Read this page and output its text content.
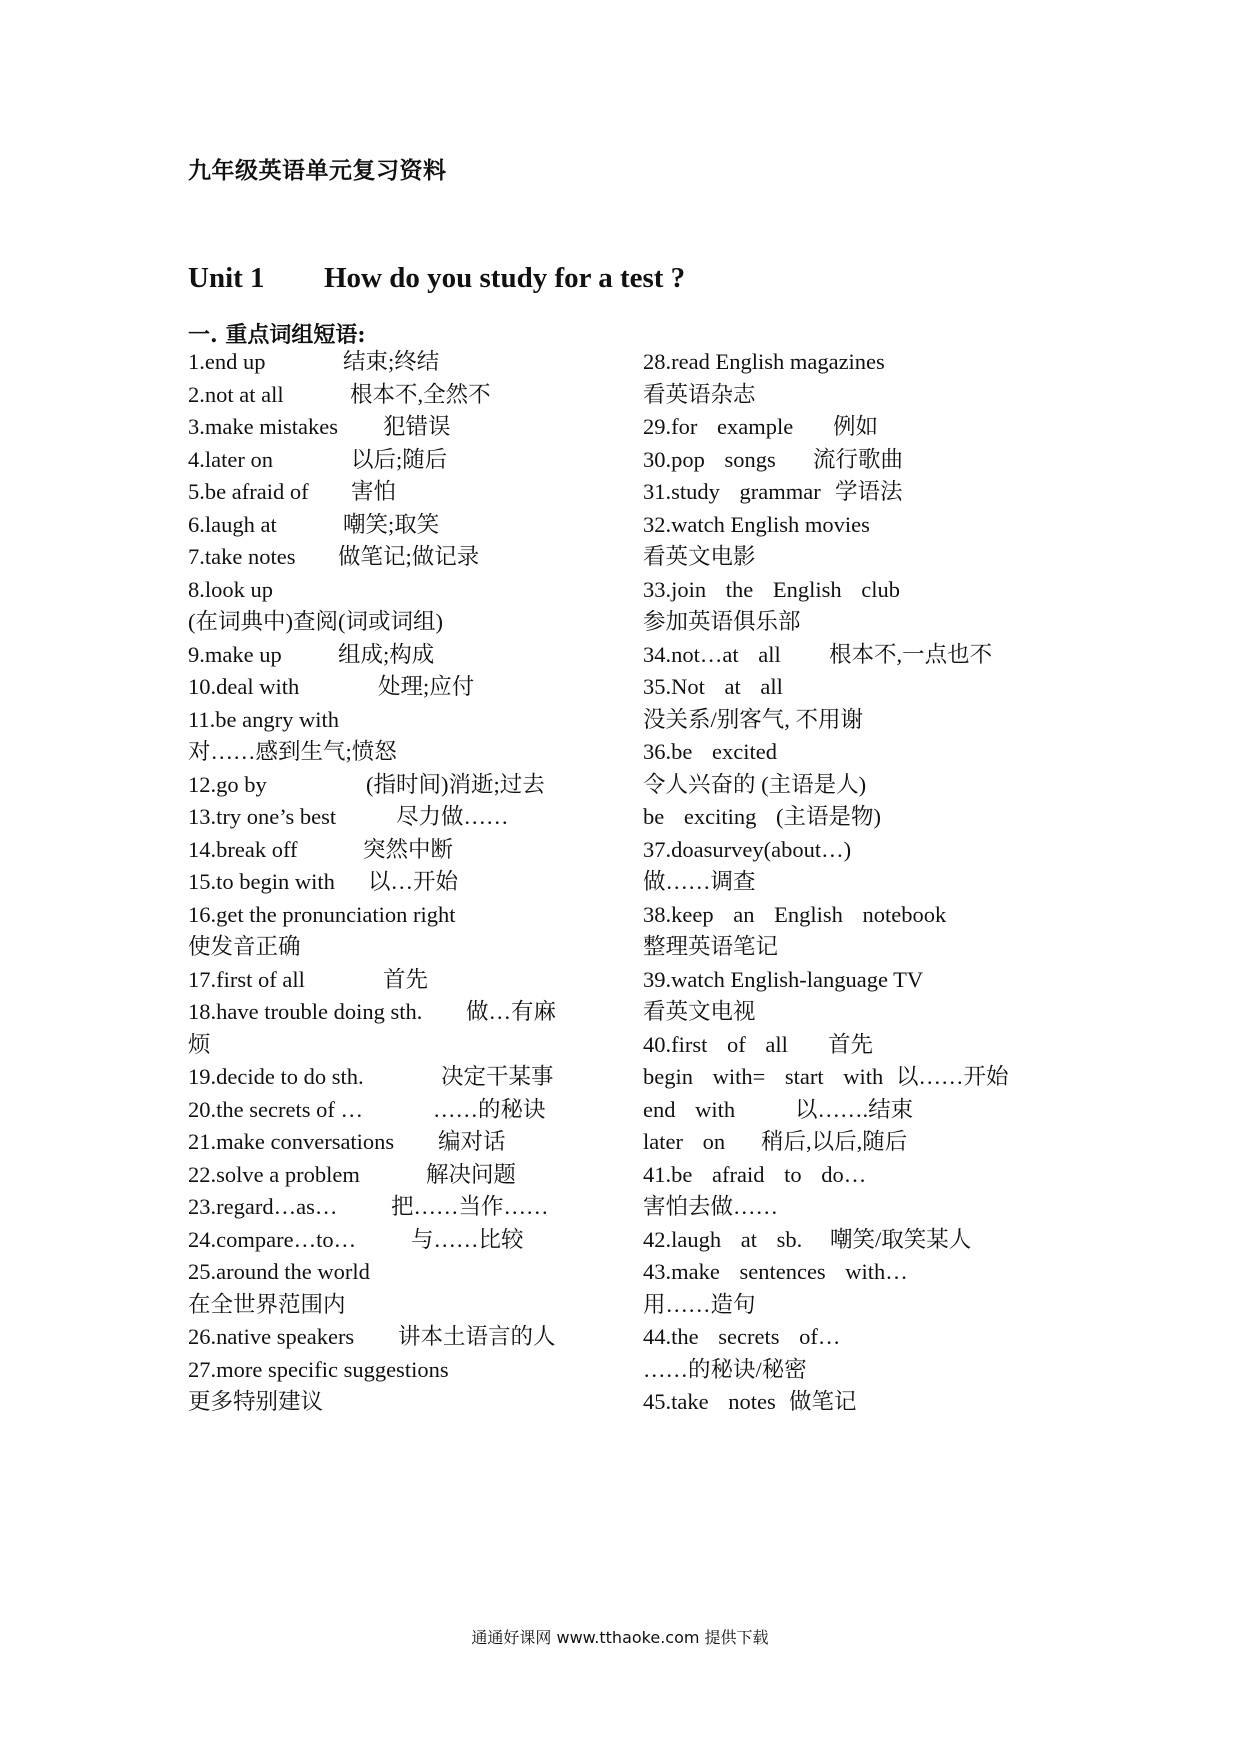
九年级英语单元复习资料
Unit 1	How do you study for a test ?
一. 重点词组短语:
1.end up	结束;终结
2.not at all	根本不,全然不
3.make mistakes 犯错误
4.later on	以后;随后
5.be afraid of 害怕
6.laugh at	嘲笑;取笑
7.take notes 做笔记;做记录
8.look up
(在词典中)查阅(词或词组)
9.make up	组成;构成
10.deal with	处理;应付
11.be angry with
对……感到生气;愤怒
12.go by	(指时间)消逝;过去
13.try one’s best	尽力做……
14.break off	突然中断
15.to begin with 以…开始
16.get the pronunciation right
使发音正确
17.first of all	首先
18.have trouble doing sth. 做…有麻
烦
19.decide to do sth.	决定干某事
20.the secrets of …	……的秘诀
21.make conversations 编对话
22.solve a problem	解决问题
23.regard…as… 把……当作……
24.compare…to… 与……比较
25.around the world
在全世界范围内
26.native speakers 讲本土语言的人
27.more specific suggestions
更多特别建议
28.read English magazines
看英语杂志
29.for example 例如
30.pop songs 流行歌曲
31.study grammar 学语法
32.watch English movies
看英文电影
33.join the English club
参加英语俱乐部
34.not…at all 根本不,一点也不
35.Not at all
没关系/别客气, 不用谢
36.be excited
令人兴奋的 (主语是人)
be exciting (主语是物)
37.doasurvey(about…)
做……调查
38.keep an English notebook
整理英语笔记
39.watch English-language TV
看英文电视
40.first of all 首先
begin with= start with 以……开始
end with	以…….结束
later on 稍后,以后,随后
41.be afraid to do…
害怕去做……
42.laugh at sb. 嘲笑/取笑某人
43.make sentences with…
用……造句
44.the secrets of…
……的秘诀/秘密
45.take notes 做笔记
通通好课网 www.tthaoke.com 提供下载
